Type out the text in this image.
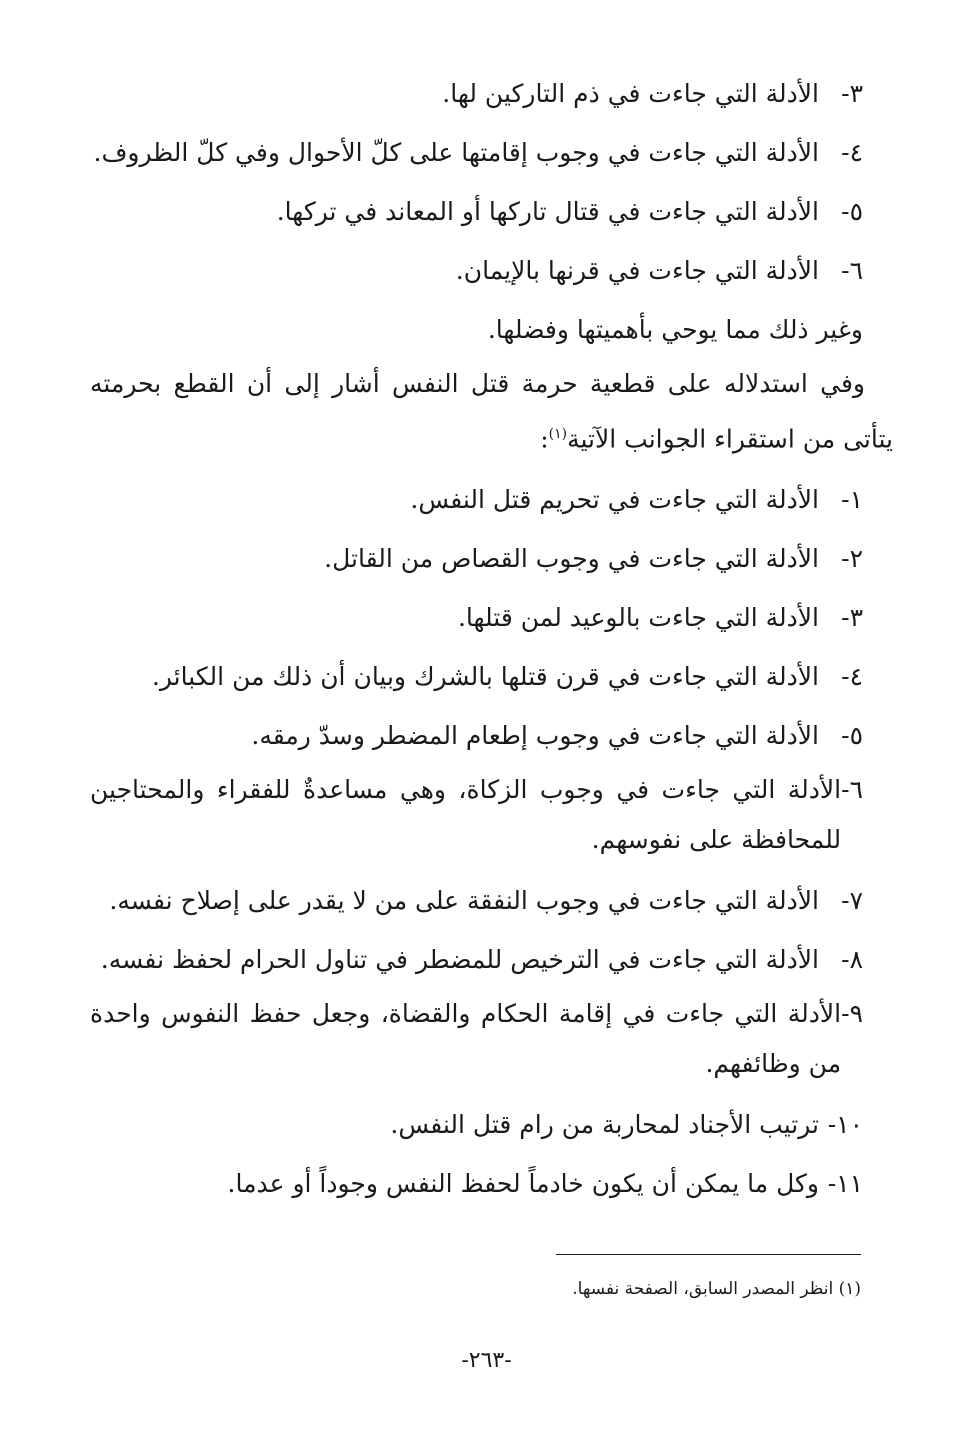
٣-
الأدلة التي جاءت في ذم التاركين لها.
٤-
الأدلة التي جاءت في وجوب إقامتها على كلّ الأحوال وفي كلّ الظروف.
٥-
الأدلة التي جاءت في قتال تاركها أو المعاند في تركها.
٦-
الأدلة التي جاءت في قرنها بالإيمان.
وغير ذلك مما يوحي بأهميتها وفضلها.
وفي استدلاله على قطعية حرمة قتل النفس أشار إلى أن القطع بحرمته يتأتى من استقراء الجوانب الآتية$^{(١)}$:
١-
الأدلة التي جاءت في تحريم قتل النفس.
٢-
الأدلة التي جاءت في وجوب القصاص من القاتل.
٣-
الأدلة التي جاءت بالوعيد لمن قتلها.
٤-
الأدلة التي جاءت في قرن قتلها بالشرك وبيان أن ذلك من الكبائر.
٥-
الأدلة التي جاءت في وجوب إطعام المضطر وسدّ رمقه.
٦-
الأدلة التي جاءت في وجوب الزكاة، وهي مساعدةٌ للفقراء والمحتاجين للمحافظة على نفوسهم.
٧-
الأدلة التي جاءت في وجوب النفقة على من لا يقدر على إصلاح نفسه.
٨-
الأدلة التي جاءت في الترخيص للمضطر في تناول الحرام لحفظ نفسه.
٩-
الأدلة التي جاءت في إقامة الحكام والقضاة، وجعل حفظ النفوس واحدة من وظائفهم.
١٠-
ترتيب الأجناد لمحاربة من رام قتل النفس.
١١-
وكل ما يمكن أن يكون خادماً لحفظ النفس وجوداً أو عدما.
(١) انظر المصدر السابق، الصفحة نفسها.
-٢٦٣-
